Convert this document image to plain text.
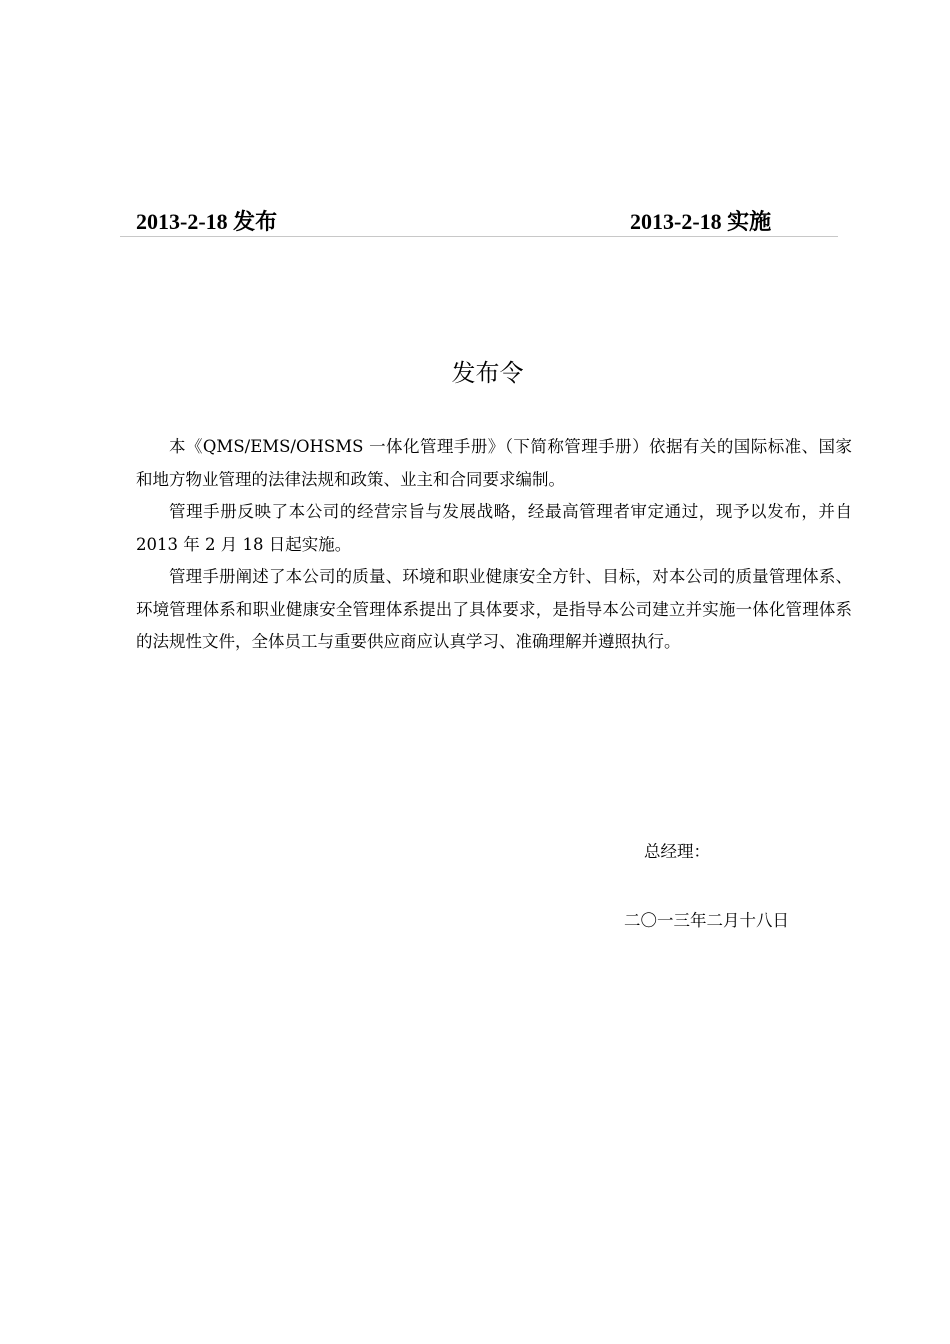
2013-2-18 发布	2013-2-18 实施
发布令

本《QMS/EMS/OHSMS 一体化管理手册》（下简称管理手册）依据有关的国际标准、国家和地方物业管理的法律法规和政策、业主和合同要求编制。

管理手册反映了本公司的经营宗旨与发展战略，经最高管理者审定通过，现予以发布，并自 2013 年 2 月 18 日起实施。

管理手册阐述了本公司的质量、环境和职业健康安全方针、目标，对本公司的质量管理体系、环境管理体系和职业健康安全管理体系提出了具体要求，是指导本公司建立并实施一体化管理体系的法规性文件，全体员工与重要供应商应认真学习、准确理解并遵照执行。

总经理：
二〇一三年二月十八日
